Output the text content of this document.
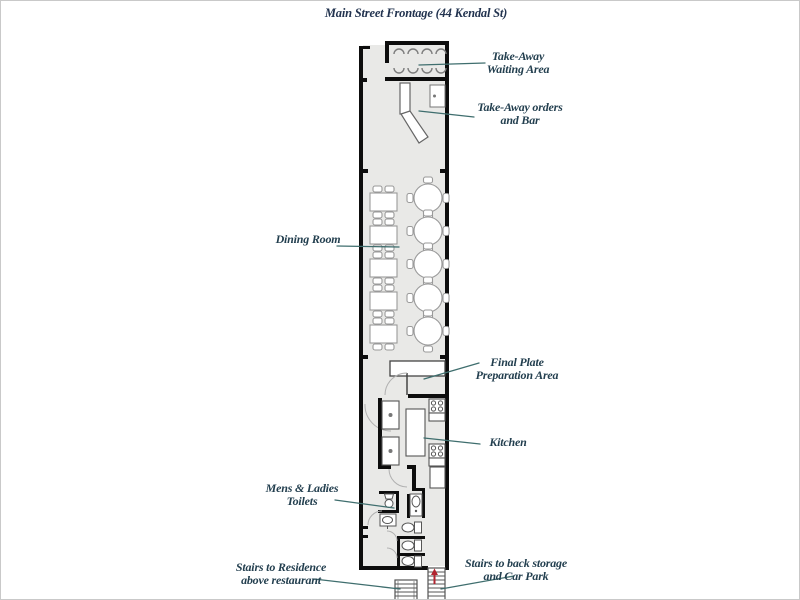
Main Street Frontage (44 Kendal St)
Take-Away
Waiting Area
Take-Away orders
and Bar
Dining Room
Final Plate
Preparation Area
Kitchen
Mens & Ladies
Toilets
Stairs to Residence
above restaurant
Stairs to back storage
and Car Park
